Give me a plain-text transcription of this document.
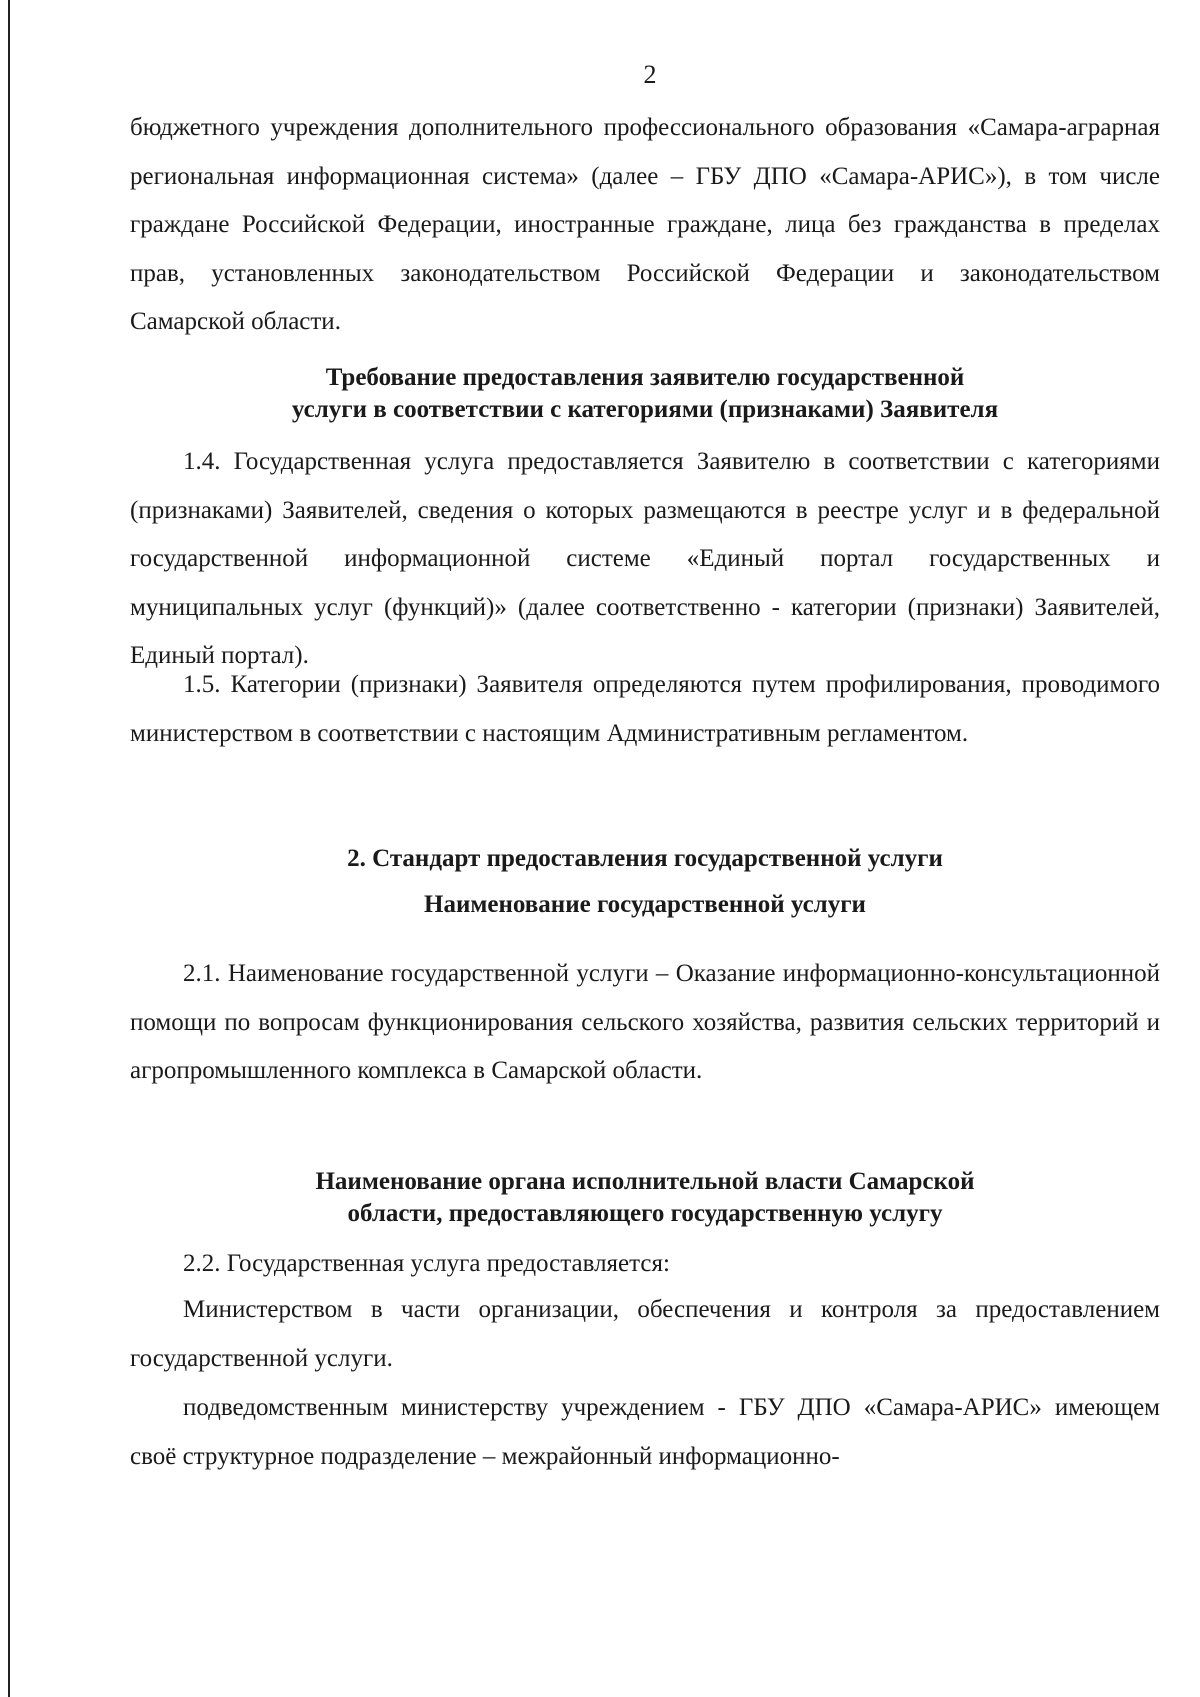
2

бюджетного учреждения дополнительного профессионального образования «Самара-аграрная региональная информационная система» (далее – ГБУ ДПО «Самара-АРИС»), в том числе граждане Российской Федерации, иностранные граждане, лица без гражданства в пределах прав, установленных законодательством Российской Федерации и законодательством Самарской области.

Требование предоставления заявителю государственной
услуги в соответствии с категориями (признаками) Заявителя

1.4. Государственная услуга предоставляется Заявителю в соответствии с категориями (признаками) Заявителей, сведения о которых размещаются в реестре услуг и в федеральной государственной информационной системе «Единый портал государственных и муниципальных услуг (функций)» (далее соответственно - категории (признаки) Заявителей, Единый портал).

1.5. Категории (признаки) Заявителя определяются путем профилирования, проводимого министерством в соответствии с настоящим Административным регламентом.

2. Стандарт предоставления государственной услуги
Наименование государственной услуги

2.1. Наименование государственной услуги – Оказание информационно-консультационной помощи по вопросам функционирования сельского хозяйства, развития сельских территорий и агропромышленного комплекса в Самарской области.

Наименование органа исполнительной власти Самарской
области, предоставляющего государственную услугу

2.2. Государственная услуга предоставляется:

Министерством в части организации, обеспечения и контроля за предоставлением государственной услуги.

подведомственным министерству учреждением - ГБУ ДПО «Самара-АРИС» имеющем своё структурное подразделение – межрайонный информационно-
